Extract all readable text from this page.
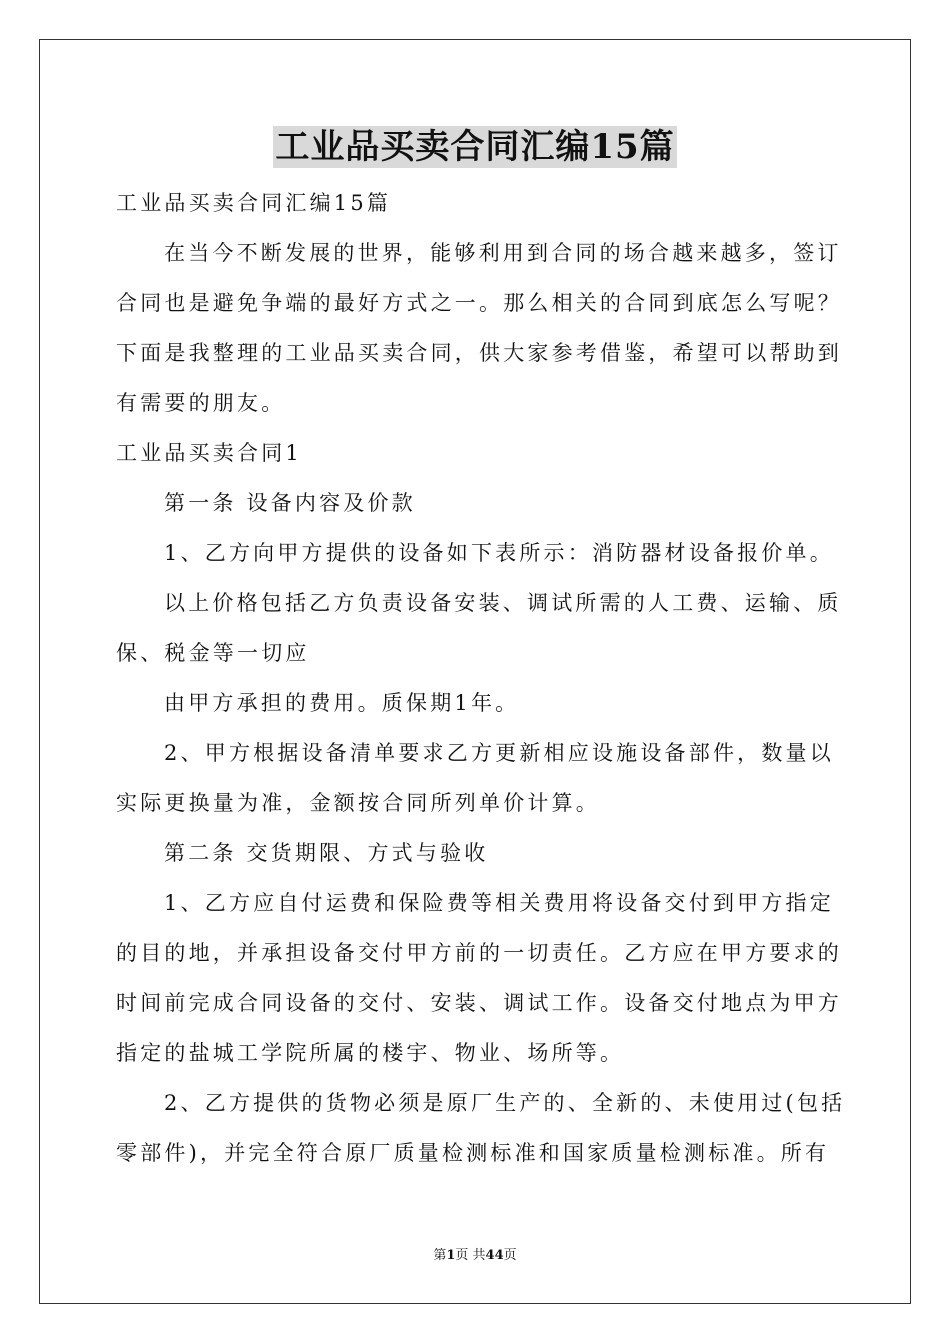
工业品买卖合同汇编15篇

工业品买卖合同汇编15篇

在当今不断发展的世界，能够利用到合同的场合越来越多，签订

合同也是避免争端的最好方式之一。那么相关的合同到底怎么写呢？

下面是我整理的工业品买卖合同，供大家参考借鉴，希望可以帮助到

有需要的朋友。

工业品买卖合同1

第一条 设备内容及价款

1、乙方向甲方提供的设备如下表所示：消防器材设备报价单。

以上价格包括乙方负责设备安装、调试所需的人工费、运输、质

保、税金等一切应

由甲方承担的费用。质保期1年。

2、甲方根据设备清单要求乙方更新相应设施设备部件，数量以

实际更换量为准，金额按合同所列单价计算。

第二条 交货期限、方式与验收

1、乙方应自付运费和保险费等相关费用将设备交付到甲方指定

的目的地，并承担设备交付甲方前的一切责任。乙方应在甲方要求的

时间前完成合同设备的交付、安装、调试工作。设备交付地点为甲方

指定的盐城工学院所属的楼宇、物业、场所等。

2、乙方提供的货物必须是原厂生产的、全新的、未使用过(包括

零部件)，并完全符合原厂质量检测标准和国家质量检测标准。所有

第1页 共44页
